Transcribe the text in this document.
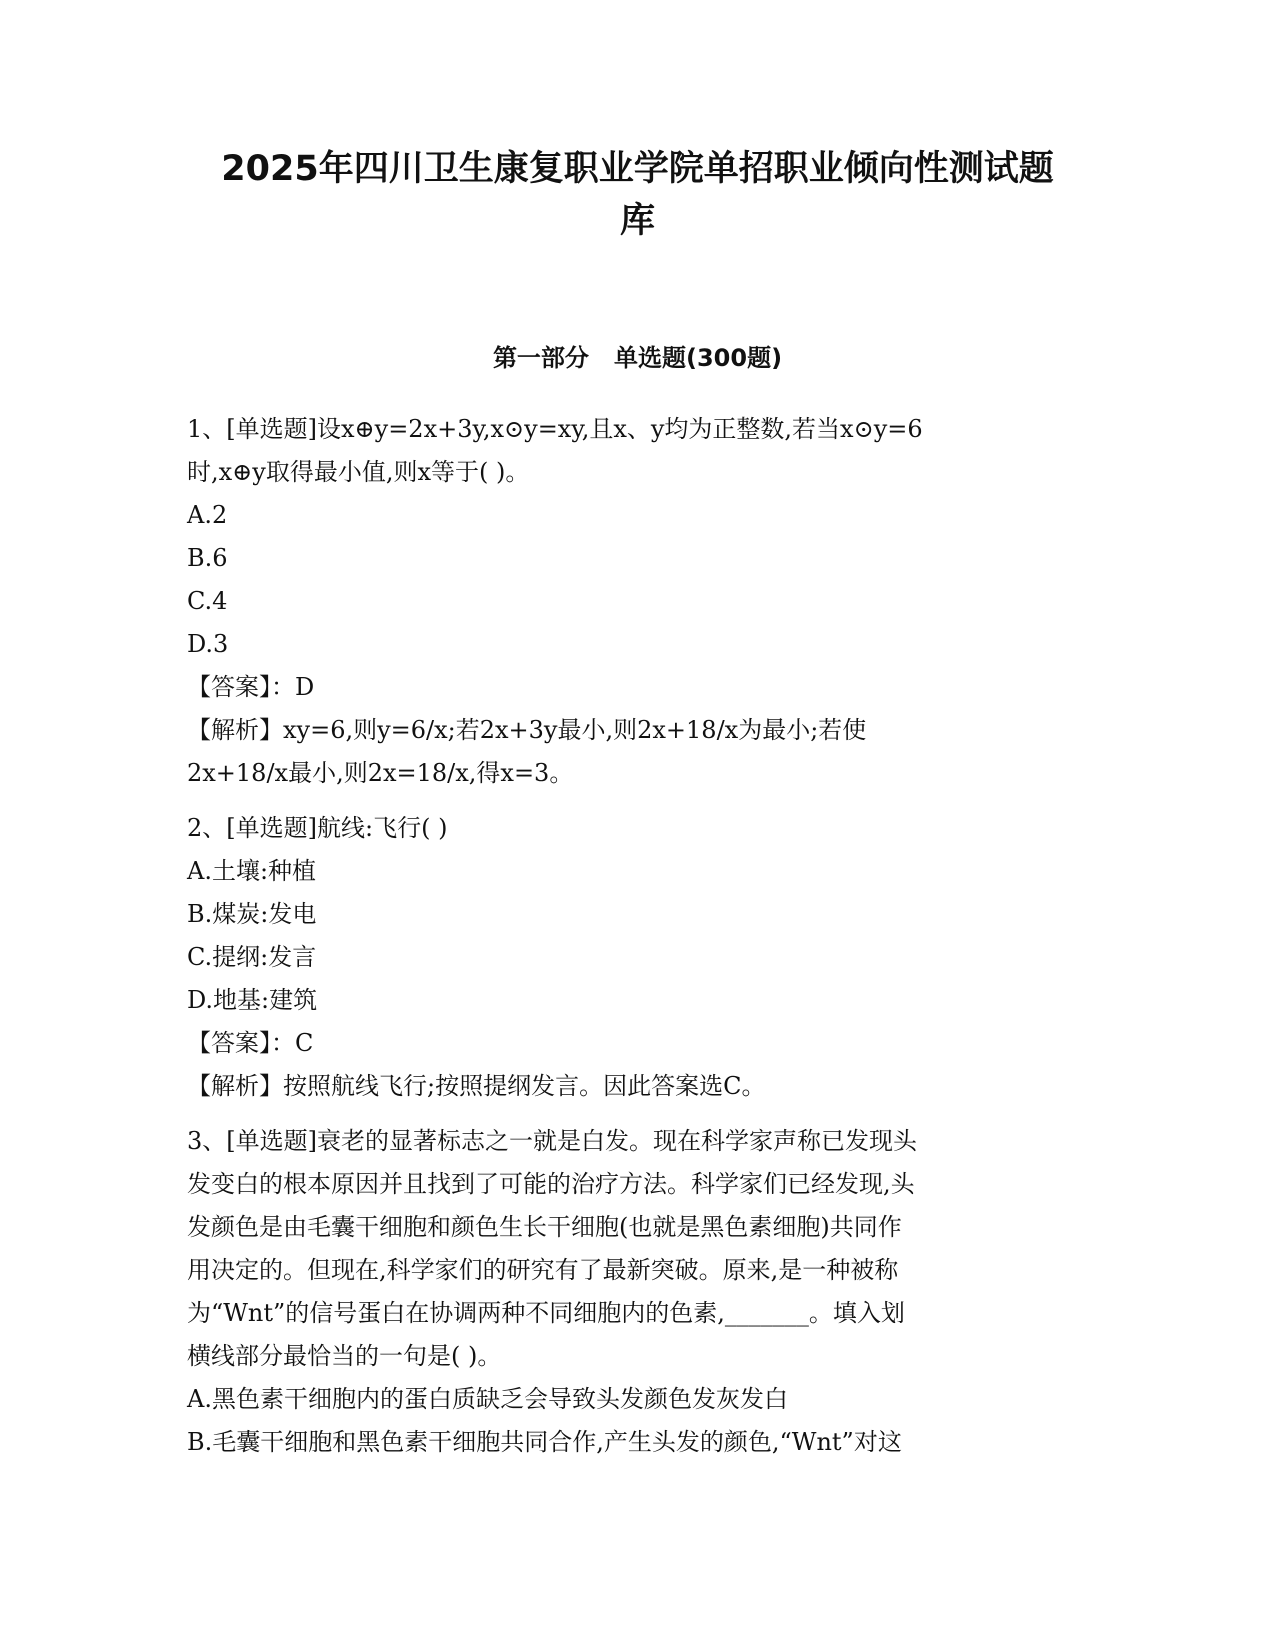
2025年四川卫生康复职业学院单招职业倾向性测试题
库
第一部分   单选题(300题)
1、[单选题]设x⊕y=2x+3y,x⊙y=xy,且x、y均为正整数,若当x⊙y=6
时,x⊕y取得最小值,则x等于( )。
A.2
B.6
C.4
D.3
【答案】：D
【解析】xy=6,则y=6/x;若2x+3y最小,则2x+18/x为最小;若使
2x+18/x最小,则2x=18/x,得x=3。
2、[单选题]航线:飞行( )
A.土壤:种植
B.煤炭:发电
C.提纲:发言
D.地基:建筑
【答案】：C
【解析】按照航线飞行;按照提纲发言。因此答案选C。
3、[单选题]衰老的显著标志之一就是白发。现在科学家声称已发现头
发变白的根本原因并且找到了可能的治疗方法。科学家们已经发现,头
发颜色是由毛囊干细胞和颜色生长干细胞(也就是黑色素细胞)共同作
用决定的。但现在,科学家们的研究有了最新突破。原来,是一种被称
为“Wnt”的信号蛋白在协调两种不同细胞内的色素,_______。填入划
横线部分最恰当的一句是( )。
A.黑色素干细胞内的蛋白质缺乏会导致头发颜色发灰发白
B.毛囊干细胞和黑色素干细胞共同合作,产生头发的颜色,“Wnt”对这
